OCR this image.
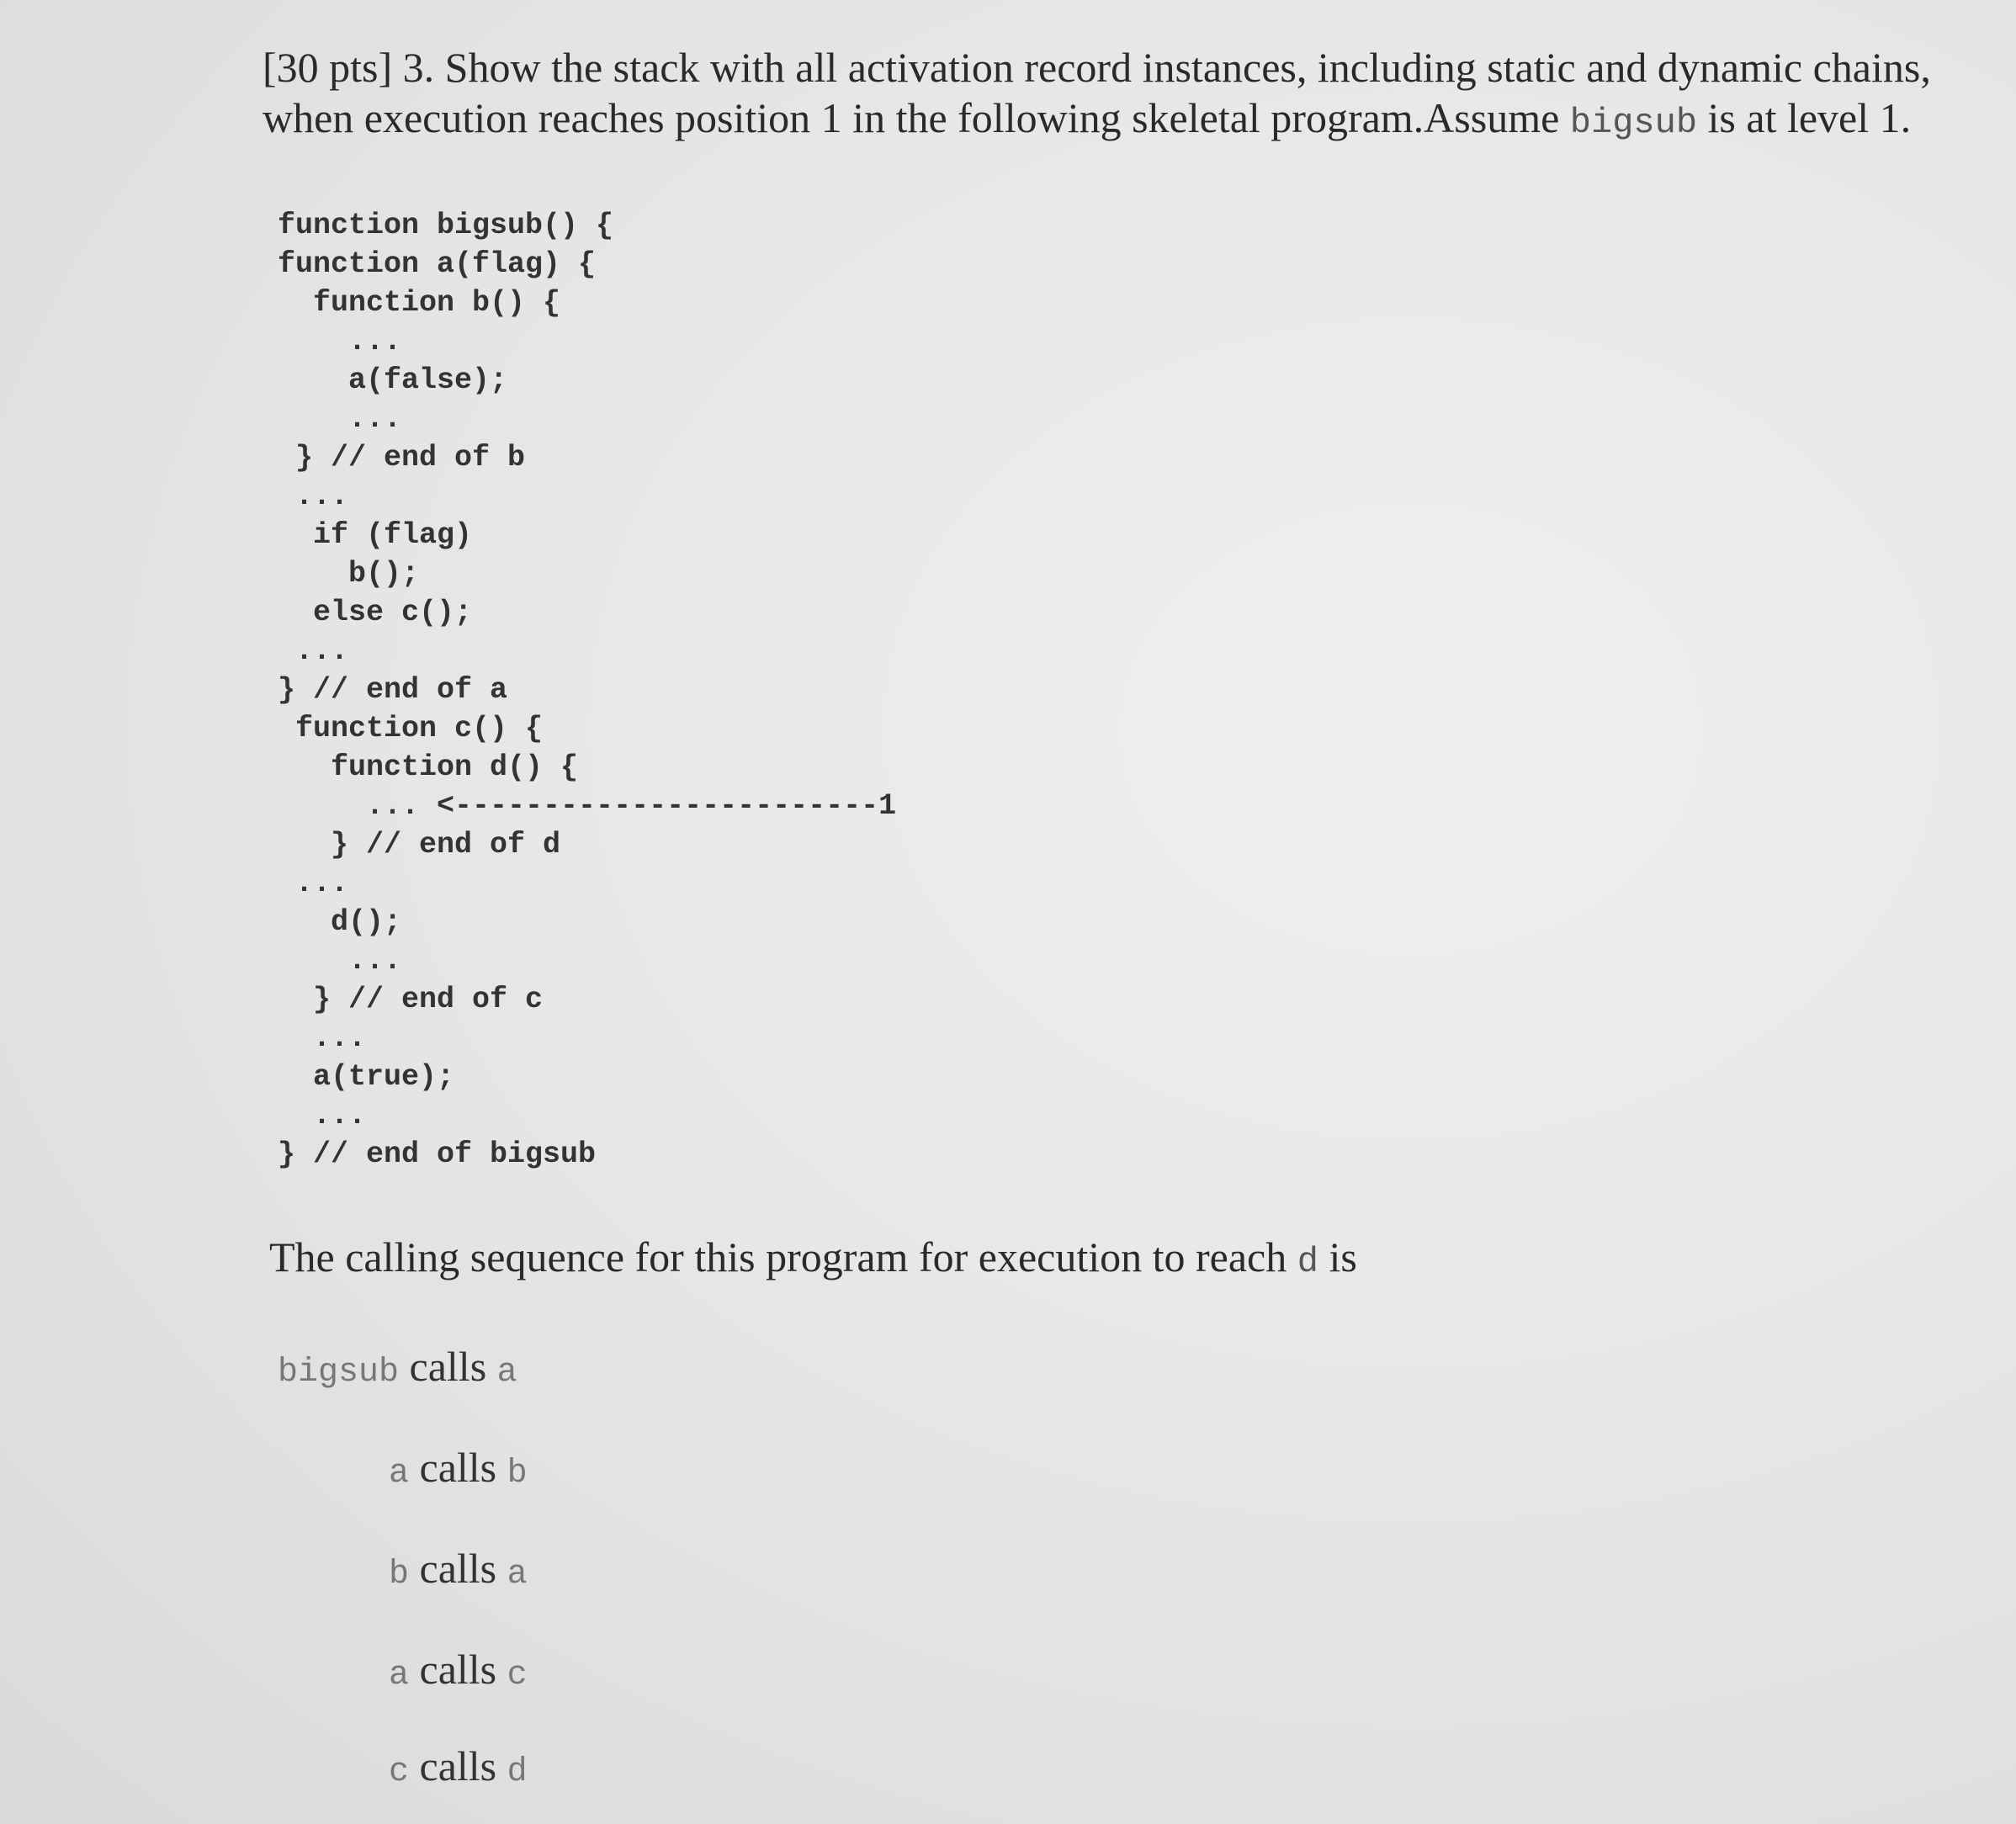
[30 pts] 3. Show the stack with all activation record instances, including static and dynamic chains,
when execution reaches position 1 in the following skeletal program.Assume bigsub is at level 1.
function bigsub() {
function a(flag) {
function b() {
...
a(false);
...
} // end of b
...
if (flag)
b();
else c();
...
} // end of a
function c() {
function d() {
... <------------------------1
} // end of d
...
d();
...
} // end of c
...
a(true);
...
} // end of bigsub
The calling sequence for this program for execution to reach d is
bigsub calls a
a calls b
b calls a
a calls c
c calls d
